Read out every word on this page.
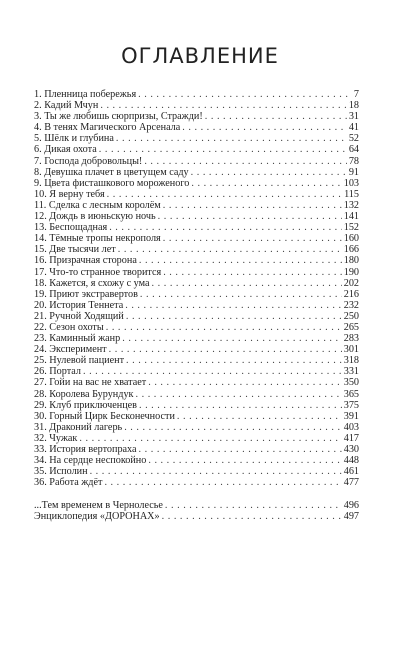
ОГЛАВЛЕНИЕ
1. Пленница побережья . . .	7
2. Кадий Мчун . . .	18
3. Ты же любишь сюрпризы, Стражди! . . .	31
4. В тенях Магического Арсенала . . .	41
5. Шёлк и глубина . . .	52
6. Дикая охота . . .	64
7. Господа добровольцы! . . .	78
8. Девушка плачет в цветущем саду . . .	91
9. Цвета фисташкового мороженого . . .	103
10. Я верну тебя . . .	115
11. Сделка с лесным королём . . .	132
12. Дождь в июньскую ночь . . .	141
13. Беспощадная . . .	152
14. Тёмные тропы некрополя . . .	160
15. Две тысячи лет . . .	166
16. Призрачная сторона . . .	180
17. Что-то странное творится . . .	190
18. Кажется, я схожу с ума . . .	202
19. Приют экстравертов . . .	216
20. История Теннета . . .	232
21. Ручной Ходящий . . .	250
22. Сезон охоты . . .	265
23. Каминный жанр . . .	283
24. Эксперимент . . .	301
25. Нулевой пациент . . .	318
26. Портал . . .	331
27. Гойи на вас не хватает . . .	350
28. Королева Бурундук . . .	365
29. Клуб приключенцев . . .	375
30. Горный Цирк Бесконечности . . .	391
31. Драконий лагерь . . .	403
32. Чужак . . .	417
33. История вертопраха . . .	430
34. На сердце неспокойно . . .	448
35. Исполин . . .	461
36. Работа ждёт . . .	477
...Тем временем в Чернолесье . . .	496
Энциклопедия «ДОРОНАХ» . . .	497
